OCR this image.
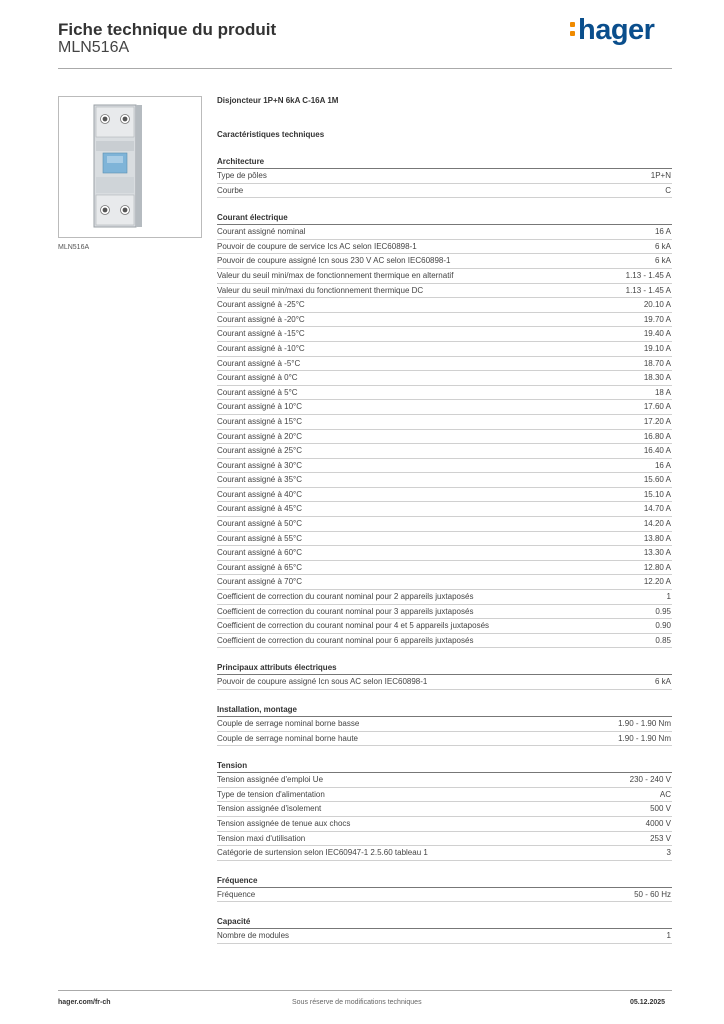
Fiche technique du produit
MLN516A
hager
MLN516A
Disjoncteur 1P+N 6kA C-16A 1M
Caractéristiques techniques
Architecture
Type de pôles	1P+N
Courbe	C
Courant électrique
Courant assigné nominal	16 A
Pouvoir de coupure de service Ics AC selon IEC60898-1	6 kA
Pouvoir de coupure assigné Icn sous 230 V AC selon IEC60898-1	6 kA
Valeur du seuil mini/max de fonctionnement thermique en alternatif	1.13 - 1.45 A
Valeur du seuil min/maxi du fonctionnement thermique DC	1.13 - 1.45 A
Courant assigné à -25°C	20.10 A
Courant assigné à -20°C	19.70 A
Courant assigné à -15°C	19.40 A
Courant assigné à -10°C	19.10 A
Courant assigné à -5°C	18.70 A
Courant assigné à 0°C	18.30 A
Courant assigné à 5°C	18 A
Courant assigné à 10°C	17.60 A
Courant assigné à 15°C	17.20 A
Courant assigné à 20°C	16.80 A
Courant assigné à 25°C	16.40 A
Courant assigné à 30°C	16 A
Courant assigné à 35°C	15.60 A
Courant assigné à 40°C	15.10 A
Courant assigné à 45°C	14.70 A
Courant assigné à 50°C	14.20 A
Courant assigné à 55°C	13.80 A
Courant assigné à 60°C	13.30 A
Courant assigné à 65°C	12.80 A
Courant assigné à 70°C	12.20 A
Coefficient de correction du courant nominal pour 2 appareils juxtaposés	1
Coefficient de correction du courant nominal pour 3 appareils juxtaposés	0.95
Coefficient de correction du courant nominal pour 4 et 5 appareils juxtaposés	0.90
Coefficient de correction du courant nominal pour 6 appareils juxtaposés	0.85
Principaux attributs électriques
Pouvoir de coupure assigné Icn sous AC selon IEC60898-1	6 kA
Installation, montage
Couple de serrage nominal borne basse	1.90 - 1.90 Nm
Couple de serrage nominal borne haute	1.90 - 1.90 Nm
Tension
Tension assignée d'emploi Ue	230 - 240 V
Type de tension d'alimentation	AC
Tension assignée d'isolement	500 V
Tension assignée de tenue aux chocs	4000 V
Tension maxi d'utilisation	253 V
Catégorie de surtension selon IEC60947-1 2.5.60 tableau 1	3
Fréquence
Fréquence	50 - 60 Hz
Capacité
Nombre de modules	1
hager.com/fr-ch	Sous réserve de modifications techniques	05.12.2025
